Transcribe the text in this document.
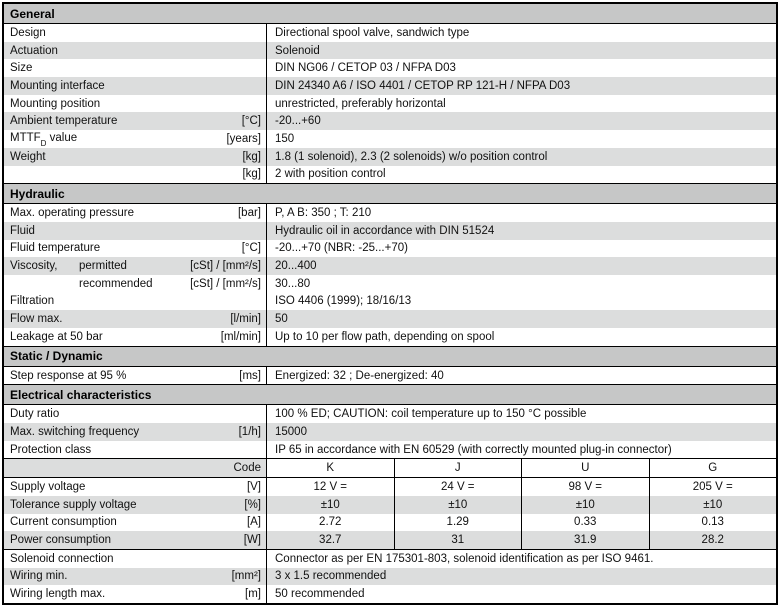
General
Design	Directional spool valve, sandwich type
Actuation	Solenoid
Size	DIN NG06 / CETOP 03 / NFPA D03
Mounting interface	DIN 24340 A6 / ISO 4401 / CETOP RP 121-H / NFPA D03
Mounting position	unrestricted, preferably horizontal
Ambient temperature	[°C]	-20...+60
$MTTF_D$ value	[years]	150
Weight	[kg]	1.8 (1 solenoid), 2.3 (2 solenoids) w/o position control
[kg]	2 with position control
Hydraulic
Max. operating pressure	[bar]	P, A B: 350 ; T: 210
Fluid	Hydraulic oil in accordance with DIN 51524
Fluid temperature	[°C]	-20...+70 (NBR: -25...+70)
Viscosity, permitted	[cSt] / [mm²/s]	20...400
recommended	[cSt] / [mm²/s]	30...80
Filtration	ISO 4406 (1999); 18/16/13
Flow max.	[l/min]	50
Leakage at 50 bar	[ml/min]	Up to 10 per flow path, depending on spool
Static / Dynamic
Step response at 95 %	[ms]	Energized: 32 ; De-energized: 40
Electrical characteristics
Duty ratio	100 % ED; CAUTION: coil temperature up to 150 °C possible
Max. switching frequency	[1/h]	15000
Protection class	IP 65 in accordance with EN 60529 (with correctly mounted plug-in connector)
Code	K	J	U	G
Supply voltage	[V]	12 V =	24 V =	98 V =	205 V =
Tolerance supply voltage	[%]	±10	±10	±10	±10
Current consumption	[A]	2.72	1.29	0.33	0.13
Power consumption	[W]	32.7	31	31.9	28.2
Solenoid connection	Connector as per EN 175301-803, solenoid identification as per ISO 9461.
Wiring min.	[mm²]	3 x 1.5 recommended
Wiring length max.	[m]	50 recommended
